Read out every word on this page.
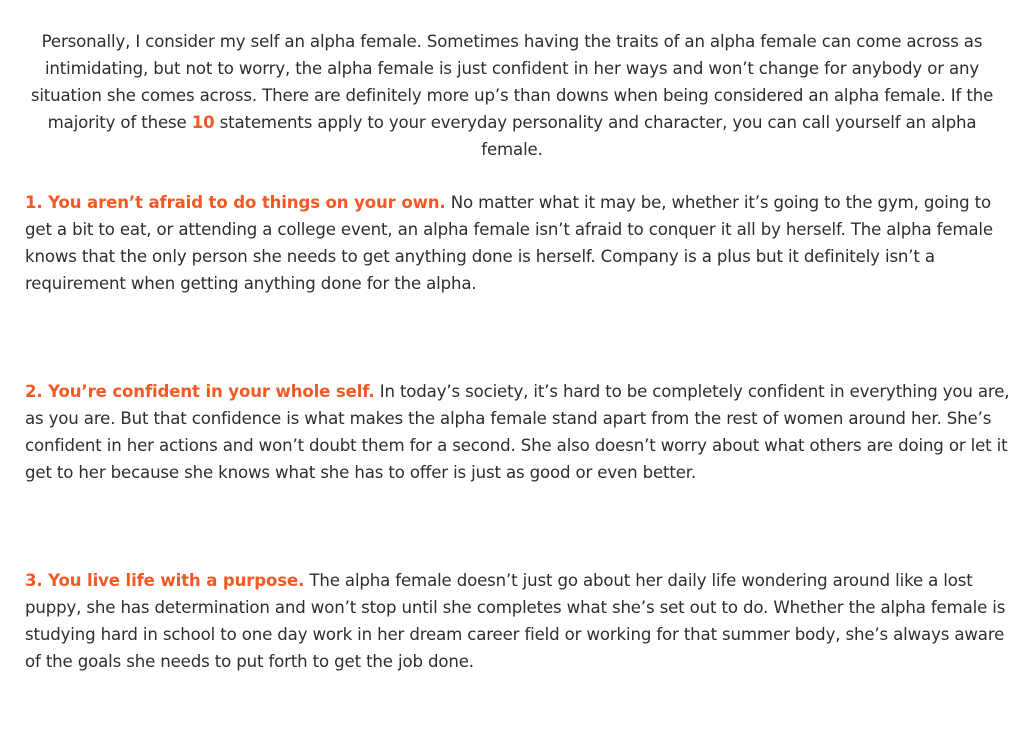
Personally, I consider my self an alpha female. Sometimes having the traits of an alpha female can come across as intimidating, but not to worry, the alpha female is just confident in her ways and won’t change for anybody or any situation she comes across. There are definitely more up’s than downs when being considered an alpha female. If the majority of these 10 statements apply to your everyday personality and character, you can call yourself an alpha female.

1. You aren’t afraid to do things on your own. No matter what it may be, whether it’s going to the gym, going to get a bit to eat, or attending a college event, an alpha female isn’t afraid to conquer it all by herself. The alpha female knows that the only person she needs to get anything done is herself. Company is a plus but it definitely isn’t a requirement when getting anything done for the alpha.

2. You’re confident in your whole self. In today’s society, it’s hard to be completely confident in everything you are, as you are. But that confidence is what makes the alpha female stand apart from the rest of women around her. She’s confident in her actions and won’t doubt them for a second. She also doesn’t worry about what others are doing or let it get to her because she knows what she has to offer is just as good or even better.

3. You live life with a purpose. The alpha female doesn’t just go about her daily life wondering around like a lost puppy, she has determination and won’t stop until she completes what she’s set out to do. Whether the alpha female is studying hard in school to one day work in her dream career field or working for that summer body, she’s always aware of the goals she needs to put forth to get the job done.
